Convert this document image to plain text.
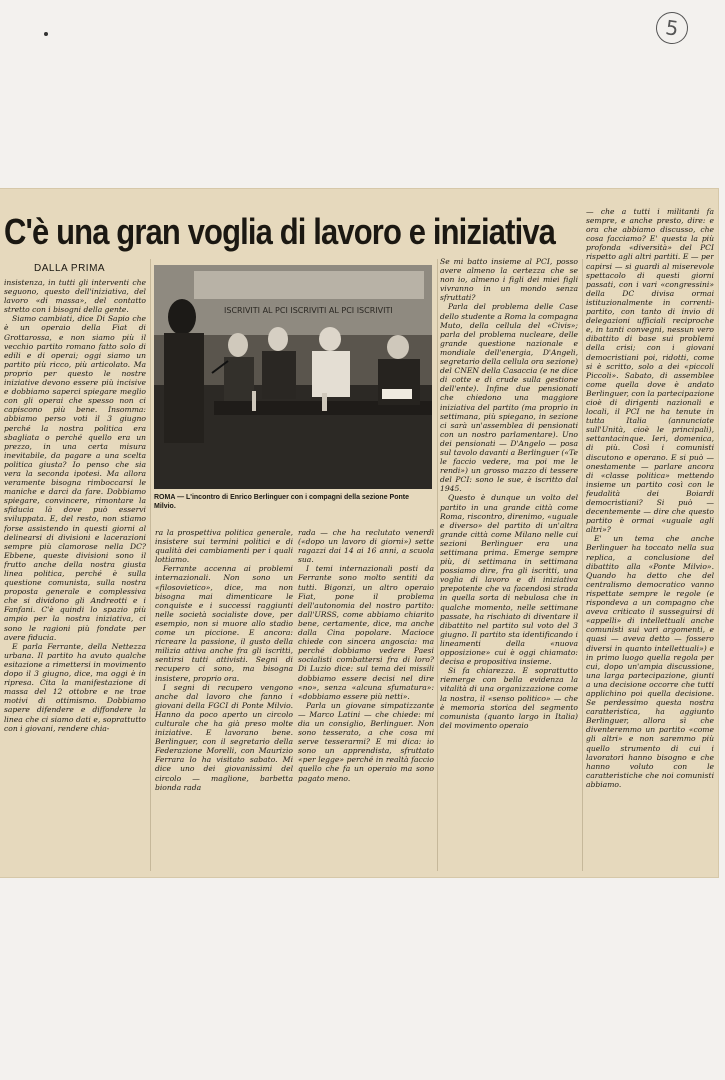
5
C'è una gran voglia di lavoro e iniziativa
DALLA PRIMA

insistenza, in tutti gli interventi che seguono, questo dell'iniziativa, del lavoro «di massa», del contatto stretto con i bisogni della gente.

Siamo cambiati, dice Di Sapio che è un operaio della Fiat di Grottarossa, e non siamo più il vecchio partito romano fatto solo di edili e di operai; oggi siamo un partito più ricco, più articolato. Ma proprio per questo le nostre iniziative devono essere più incisive e dobbiamo saperci spiegare meglio con gli operai che spesso non ci capiscono più bene. Insomma: abbiamo perso voti il 3 giugno perché la nostra politica era sbagliata o perché quello era un prezzo, in una certa misura inevitabile, da pagare a una scelta politica giusta? Io penso che sia vera la seconda ipotesi. Ma allora veramente bisogna rimboccarsi le maniche e darci da fare. Dobbiamo spiegare, convincere, rimontare la sfiducia là dove può esservi sviluppata. E, del resto, non stiamo forse assistendo in questi giorni al delinearsi di divisioni e lacerazioni sempre più clamorose nella DC? Ebbene, queste divisioni sono il frutto anche della nostra giusta linea politica, perché è sulla questione comunista, sulla nostra proposta generale e complessiva che si dividono gli Andreotti e i Fanfani. C'è quindi lo spazio più ampio per la nostra iniziativa, ci sono le ragioni più fondate per avere fiducia.

E parla Ferrante, della Nettezza urbana. Il partito ha avuto qualche esitazione a rimettersi in movimento dopo il 3 giugno, dice, ma oggi è in ripresa. Cita la manifestazione di massa del 12 ottobre e ne trae motivi di ottimismo. Dobbiamo sapere difendere e diffondere la linea che ci siamo dati e, soprattutto con i giovani, rendere chia-

ISCRIVITI AL PCI ISCRIVITI AL PCI ISCRIVITI
ROMA — L'incontro di Enrico Berlinguer con i compagni della sezione Ponte Milvio.

ra la prospettiva politica generale, insistere sui termini politici e di qualità dei cambiamenti per i quali lottiamo.

Ferrante accenna ai problemi internazionali. Non sono un «filosovietico», dice, ma non bisogna mai dimenticare le conquiste e i successi raggiunti nelle società socialiste dove, per esempio, non si muore allo stadio come un piccione. E ancora: ricreare la passione, il gusto della milizia attiva anche fra gli iscritti, sentirsi tutti attivisti. Segni di recupero ci sono, ma bisogna insistere, proprio ora.

I segni di recupero vengono anche dal lavoro che fanno i giovani della FGCI di Ponte Milvio. Hanno da poco aperto un circolo culturale che ha già preso molte iniziative. E lavorano bene. Berlinguer, con il segretario della Federazione Morelli, con Maurizio Ferrara lo ha visitato sabato. Mi dice uno dei giovanissimi del circolo — maglione, barbetta bionda rada

rada — che ha reclutato venerdì («dopo un lavoro di giorni») sette ragazzi dai 14 ai 16 anni, a scuola sua.

I temi internazionali posti da Ferrante sono molto sentiti da tutti. Bigonzi, un altro operaio Fiat, pone il problema dell'autonomia del nostro partito: dall'URSS, come abbiamo chiarito bene, certamente, dice, ma anche dalla Cina popolare. Macioce chiede con sincera angoscia: ma perché dobbiamo vedere Paesi socialisti combattersi fra di loro? Di Luzio dice: sul tema dei missili dobbiamo essere decisi nel dire «no», senza «alcuna sfumatura»: «dobbiamo essere più netti».

Parla un giovane simpatizzante — Marco Latini — che chiede: mi dia un consiglio, Berlinguer. Non sono tesserato, a che cosa mi serve tesserarmi? E mi dica: io sono un apprendista, sfruttato «per legge» perché in realtà faccio quello che fa un operaio ma sono pagato meno.

Se mi batto insieme al PCI, posso avere almeno la certezza che se non io, almeno i figli dei miei figli vivranno in un mondo senza sfruttati?

Parla del problema delle Case dello studente a Roma la compagna Muto, della cellula del «Civis»; parla del problema nucleare, delle grande questione nazionale e mondiale dell'energia, D'Angeli, segretario della cellula ora sezione) del CNEN della Casaccia (e ne dice di cotte e di crude sulla gestione dell'ente). Infine due pensionati che chiedono una maggiore iniziativa del partito (ma proprio in settimana, più spiegano, in sezione ci sarà un'assemblea di pensionati con un nostro parlamentare). Uno dei pensionati — D'Angelo — posa sul tavolo davanti a Berlinguer («Te le faccio vedere, ma poi me le rendi») un grosso mazzo di tessere del PCI: sono le sue, è iscritto dal 1945.

Questo è dunque un volto del partito in una grande città come Roma, riscontro, direnimo, «uguale e diverso» del partito di un'altra grande città come Milano nelle cui sezioni Berlinguer era una settimana prima. Emerge sempre più, di settimana in settimana possiamo dire, fra gli iscritti, una voglia di lavoro e di iniziativa prepotente che va facendosi strada in quella sorta di nebulosa che in qualche momento, nelle settimane passate, ha rischiato di diventare il dibattito nel partito sul voto del 3 giugno. Il partito sta identificando i lineamenti della «nuova opposizione» cui è oggi chiamato: decisa e propositiva insieme.

Si fa chiarezza. E soprattutto riemerge con bella evidenza la vitalità di una organizzazione come la nostra, il «senso politico» — che è memoria storica del segmento comunista (quanto largo in Italia) del movimento operaio

— che a tutti i militanti fa sempre, e anche presto, dire: e ora che abbiamo discusso, che cosa facciamo? E' questa la più profonda «diversità» del PCI rispetto agli altri partiti. E — per capirsi — si guardi al miserevole spettacolo di questi giorni passati, con i vari «congressini» della DC divisa ormai istituzionalmente in correnti-partito, con tanto di invio di delegazioni ufficiali reciproche e, in tanti convegni, nessun vero dibattito di base sui problemi della crisi; con i giovani democristiani poi, ridotti, come si è scritto, solo a dei «piccoli Piccoli». Sabato, di assemblee come quella dove è andato Berlinguer, con la partecipazione cioè di dirigenti nazionali e locali, il PCI ne ha tenute in tutta Italia (annunciate sull'Unità, cioè le principali), settantacinque. Ieri, domenica, di più. Così i comunisti discutono e operano. E si può — onestamente — parlare ancora di «classe politica» mettendo insieme un partito così con le feudalità dei Boiardi democristiani? Si può — decentemente — dire che questo partito è ormai «uguale agli altri»?

E' un tema che anche Berlinguer ha toccato nella sua replica, a conclusione del dibattito alla «Ponte Milvio». Quando ha detto che del centralismo democratico vanno rispettate sempre le regole (e rispondeva a un compagno che aveva criticato il susseguirsi di «appelli» di intellettuali anche comunisti sui vari argomenti, e quasi — aveva detto — fossero diversi in quanto intellettuali») e in primo luogo quella regola per cui, dopo un'ampia discussione, una larga partecipazione, giunti a una decisione occorre che tutti applichino poi quella decisione. Se perdessimo questa nostra caratteristica, ha aggiunto Berlinguer, allora sì che diventeremmo un partito «come gli altri» e non saremmo più quello strumento di cui i lavoratori hanno bisogno e che hanno voluto con le caratteristiche che noi comunisti abbiamo.
